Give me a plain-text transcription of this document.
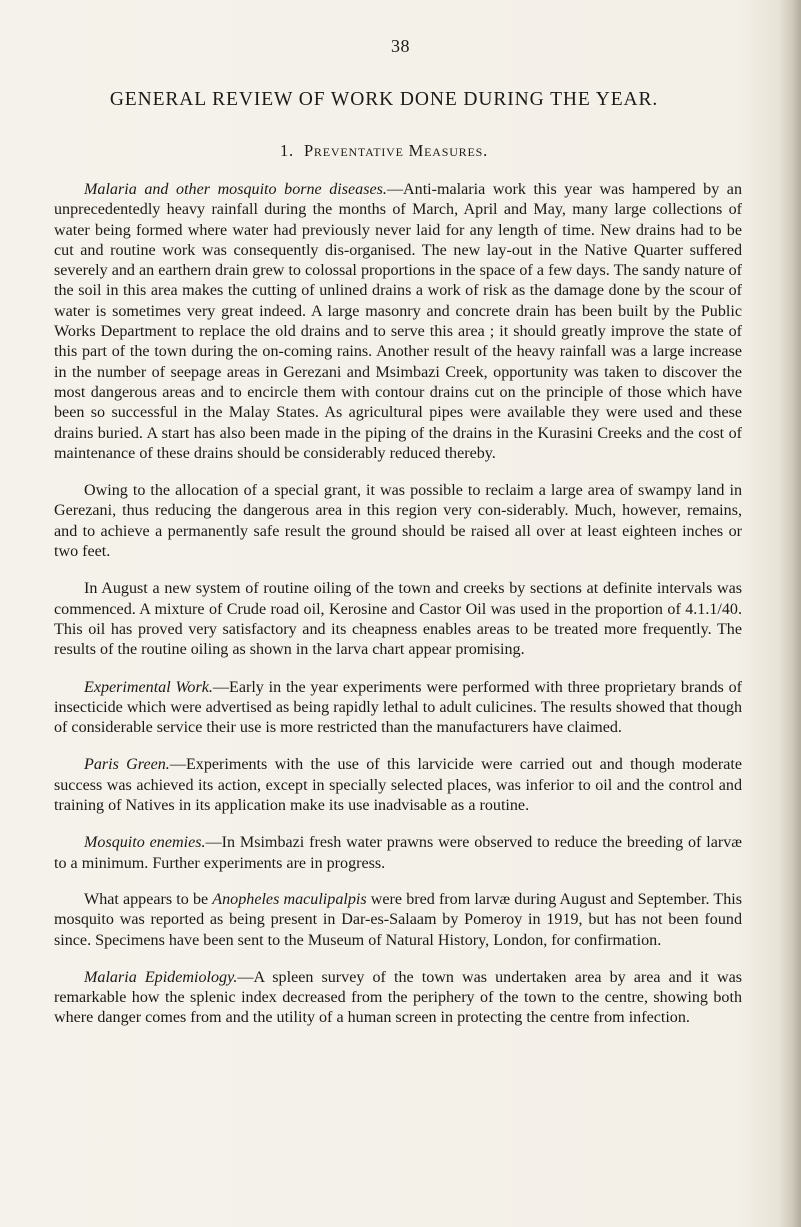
38
GENERAL REVIEW OF WORK DONE DURING THE YEAR.
1. Preventative Measures.

Malaria and other mosquito borne diseases.—Anti-malaria work this year was hampered by an unprecedentedly heavy rainfall during the months of March, April and May, many large collections of water being formed where water had previously never laid for any length of time. New drains had to be cut and routine work was consequently dis-organised. The new lay-out in the Native Quarter suffered severely and an earthern drain grew to colossal proportions in the space of a few days. The sandy nature of the soil in this area makes the cutting of unlined drains a work of risk as the damage done by the scour of water is sometimes very great indeed. A large masonry and concrete drain has been built by the Public Works Department to replace the old drains and to serve this area ; it should greatly improve the state of this part of the town during the on-coming rains. Another result of the heavy rainfall was a large increase in the number of seepage areas in Gerezani and Msimbazi Creek, opportunity was taken to discover the most dangerous areas and to encircle them with contour drains cut on the principle of those which have been so successful in the Malay States. As agricultural pipes were available they were used and these drains buried. A start has also been made in the piping of the drains in the Kurasini Creeks and the cost of maintenance of these drains should be considerably reduced thereby.

Owing to the allocation of a special grant, it was possible to reclaim a large area of swampy land in Gerezani, thus reducing the dangerous area in this region very con-siderably. Much, however, remains, and to achieve a permanently safe result the ground should be raised all over at least eighteen inches or two feet.

In August a new system of routine oiling of the town and creeks by sections at definite intervals was commenced. A mixture of Crude road oil, Kerosine and Castor Oil was used in the proportion of 4.1.1/40. This oil has proved very satisfactory and its cheapness enables areas to be treated more frequently. The results of the routine oiling as shown in the larva chart appear promising.

Experimental Work.—Early in the year experiments were performed with three proprietary brands of insecticide which were advertised as being rapidly lethal to adult culicines. The results showed that though of considerable service their use is more restricted than the manufacturers have claimed.

Paris Green.—Experiments with the use of this larvicide were carried out and though moderate success was achieved its action, except in specially selected places, was inferior to oil and the control and training of Natives in its application make its use inadvisable as a routine.

Mosquito enemies.—In Msimbazi fresh water prawns were observed to reduce the breeding of larvæ to a minimum. Further experiments are in progress.

What appears to be Anopheles maculipalpis were bred from larvæ during August and September. This mosquito was reported as being present in Dar-es-Salaam by Pomeroy in 1919, but has not been found since. Specimens have been sent to the Museum of Natural History, London, for confirmation.

Malaria Epidemiology.—A spleen survey of the town was undertaken area by area and it was remarkable how the splenic index decreased from the periphery of the town to the centre, showing both where danger comes from and the utility of a human screen in protecting the centre from infection.
